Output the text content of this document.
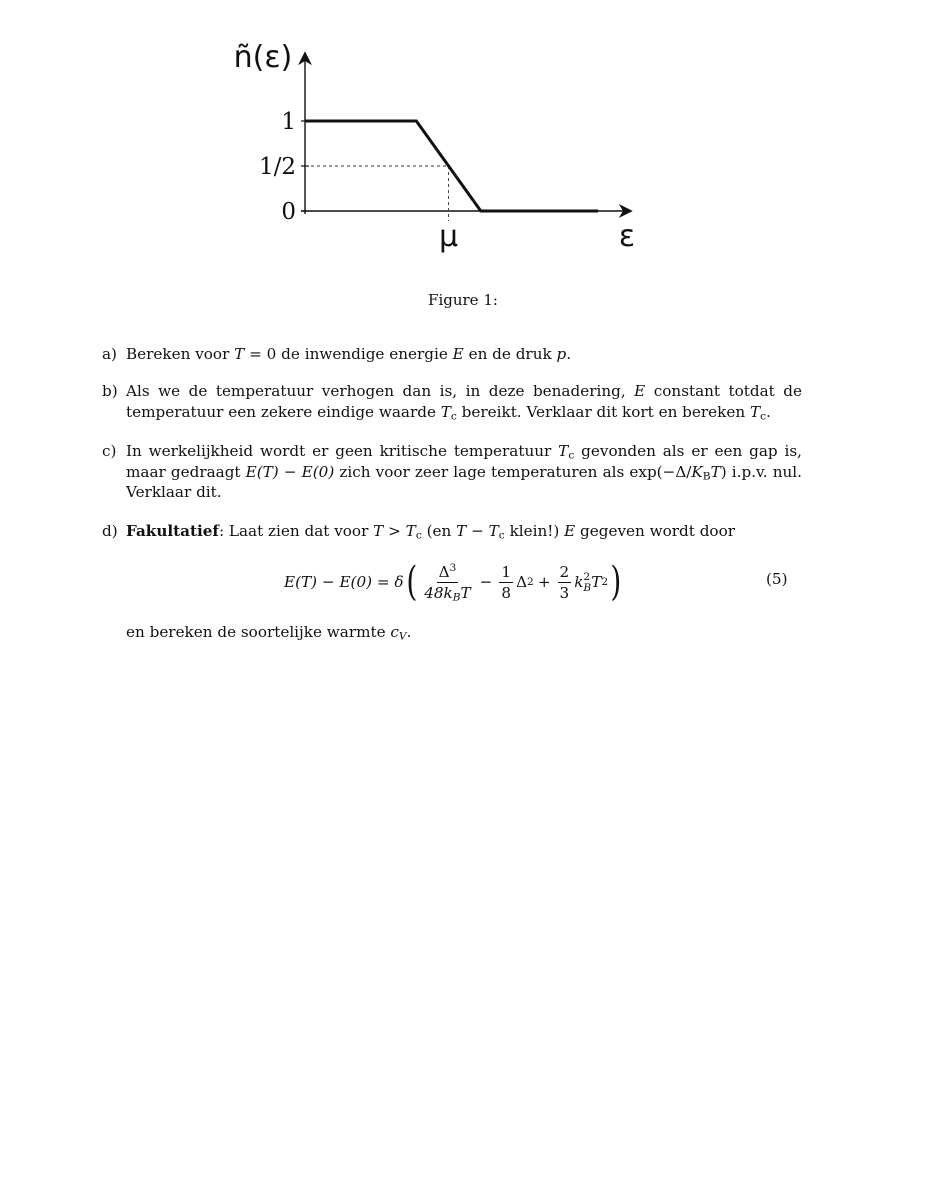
1
1/2
0
μ	ε
ñ(ε)
Figure 1:
a) Bereken voor T = 0 de inwendige energie E en de druk p.
b) Als we de temperatuur verhogen dan is, in deze benadering, E constant totdat de temperatuur een zekere eindige waarde $T_c$ bereikt. Verklaar dit kort en bereken $T_c$.
c) In werkelijkheid wordt er geen kritische temperatuur $T_c$ gevonden als er een gap is, maar gedraagt E(T) − E(0) zich voor zeer lage temperaturen als $\exp(-\Delta/K_BT)$ i.p.v. nul. Verklaar dit.
d) Fakultatief: Laat zien dat voor $T > T_c$ (en $T - T_c$ klein!) E gegeven wordt door
E(T) − E(0) = δ ( $\frac{\Delta^3}{48k_BT} - \frac{1}{8}$ Δ $2 + \frac{2}{3}$ k 2
B T 2 )	(5)
en bereken de soortelijke warmte $c_V$.
